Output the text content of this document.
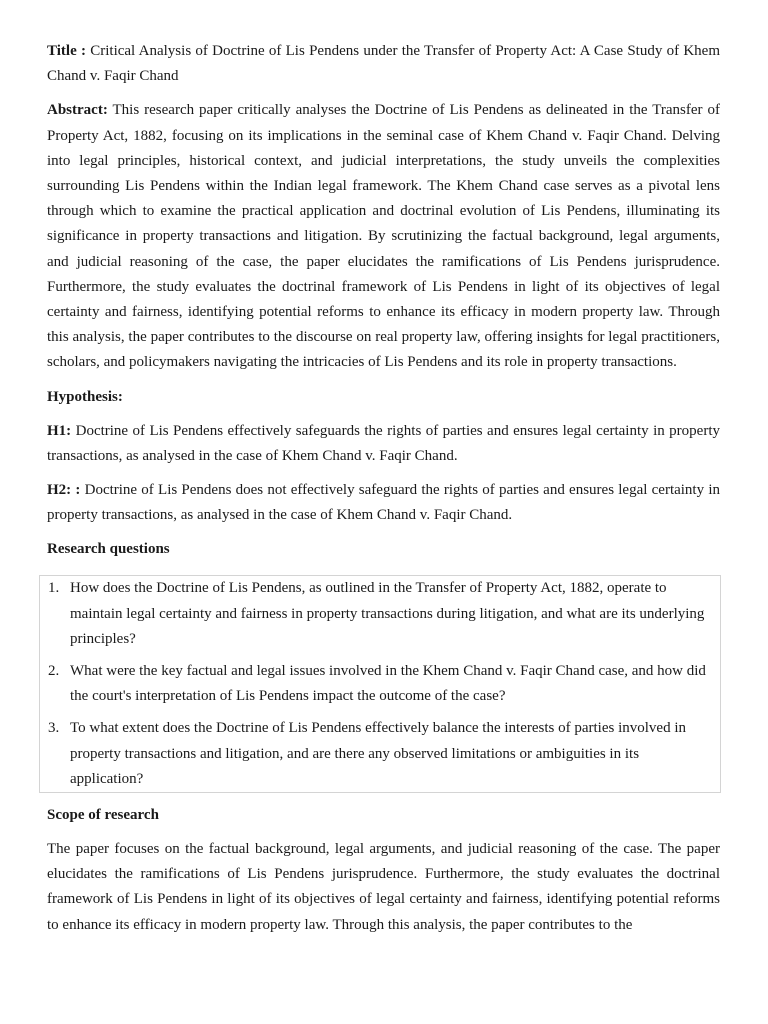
Title : Critical Analysis of Doctrine of Lis Pendens under the Transfer of Property Act: A Case Study of Khem Chand v. Faqir Chand

Abstract: This research paper critically analyses the Doctrine of Lis Pendens as delineated in the Transfer of Property Act, 1882, focusing on its implications in the seminal case of Khem Chand v. Faqir Chand. Delving into legal principles, historical context, and judicial interpretations, the study unveils the complexities surrounding Lis Pendens within the Indian legal framework. The Khem Chand case serves as a pivotal lens through which to examine the practical application and doctrinal evolution of Lis Pendens, illuminating its significance in property transactions and litigation. By scrutinizing the factual background, legal arguments, and judicial reasoning of the case, the paper elucidates the ramifications of Lis Pendens jurisprudence. Furthermore, the study evaluates the doctrinal framework of Lis Pendens in light of its objectives of legal certainty and fairness, identifying potential reforms to enhance its efficacy in modern property law. Through this analysis, the paper contributes to the discourse on real property law, offering insights for legal practitioners, scholars, and policymakers navigating the intricacies of Lis Pendens and its role in property transactions.

Hypothesis:

H1: Doctrine of Lis Pendens effectively safeguards the rights of parties and ensures legal certainty in property transactions, as analysed in the case of Khem Chand v. Faqir Chand.

H2: : Doctrine of Lis Pendens does not effectively safeguard the rights of parties and ensures legal certainty in property transactions, as analysed in the case of Khem Chand v. Faqir Chand.

Research questions

1. How does the Doctrine of Lis Pendens, as outlined in the Transfer of Property Act, 1882, operate to maintain legal certainty and fairness in property transactions during litigation, and what are its underlying principles?
2. What were the key factual and legal issues involved in the Khem Chand v. Faqir Chand case, and how did the court's interpretation of Lis Pendens impact the outcome of the case?
3. To what extent does the Doctrine of Lis Pendens effectively balance the interests of parties involved in property transactions and litigation, and are there any observed limitations or ambiguities in its application?

Scope of research

The paper focuses on the factual background, legal arguments, and judicial reasoning of the case. The paper elucidates the ramifications of Lis Pendens jurisprudence. Furthermore, the study evaluates the doctrinal framework of Lis Pendens in light of its objectives of legal certainty and fairness, identifying potential reforms to enhance its efficacy in modern property law. Through this analysis, the paper contributes to the
